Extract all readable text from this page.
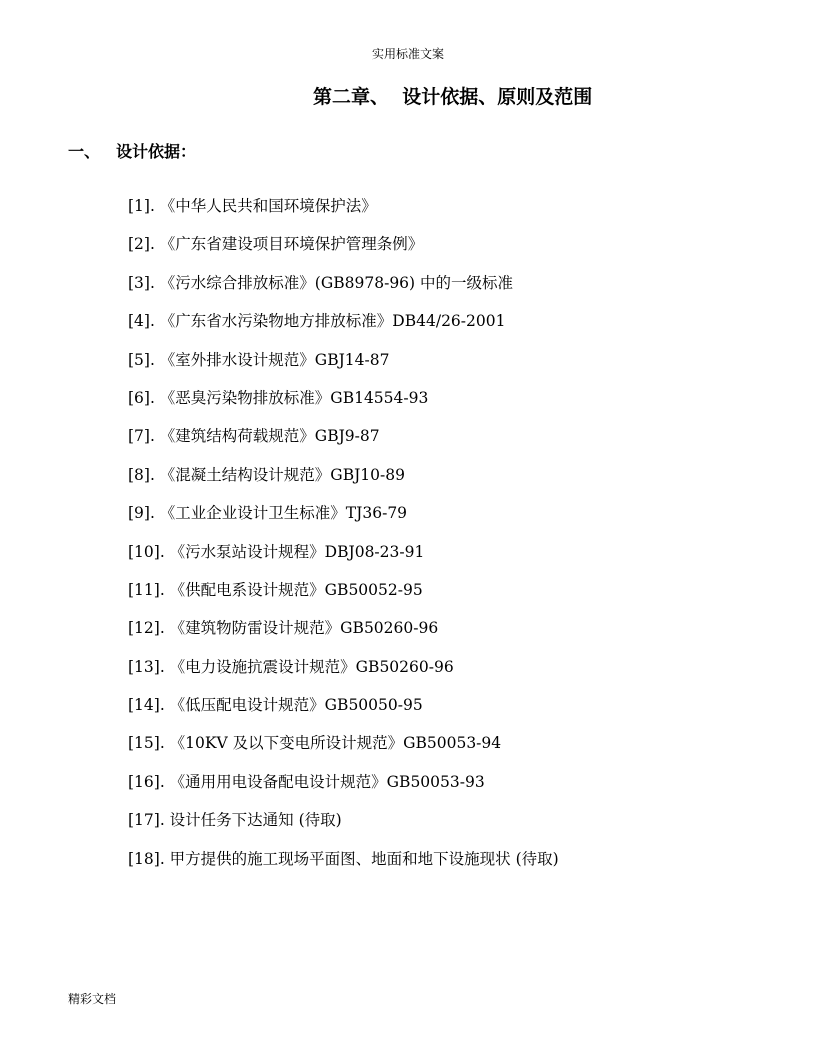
实用标准文案
第二章、  设计依据、原则及范围
一、 设计依据：
[1]. 《中华人民共和国环境保护法》
[2]. 《广东省建设项目环境保护管理条例》
[3]. 《污水综合排放标准》(GB8978-96) 中的一级标准
[4]. 《广东省水污染物地方排放标准》DB44/26-2001
[5]. 《室外排水设计规范》GBJ14-87
[6]. 《恶臭污染物排放标准》GB14554-93
[7]. 《建筑结构荷载规范》GBJ9-87
[8]. 《混凝土结构设计规范》GBJ10-89
[9]. 《工业企业设计卫生标准》TJ36-79
[10]. 《污水泵站设计规程》DBJ08-23-91
[11]. 《供配电系设计规范》GB50052-95
[12]. 《建筑物防雷设计规范》GB50260-96
[13]. 《电力设施抗震设计规范》GB50260-96
[14]. 《低压配电设计规范》GB50050-95
[15]. 《10KV 及以下变电所设计规范》GB50053-94
[16]. 《通用用电设备配电设计规范》GB50053-93
[17]. 设计任务下达通知 (待取)
[18]. 甲方提供的施工现场平面图、地面和地下设施现状 (待取)
精彩文档
